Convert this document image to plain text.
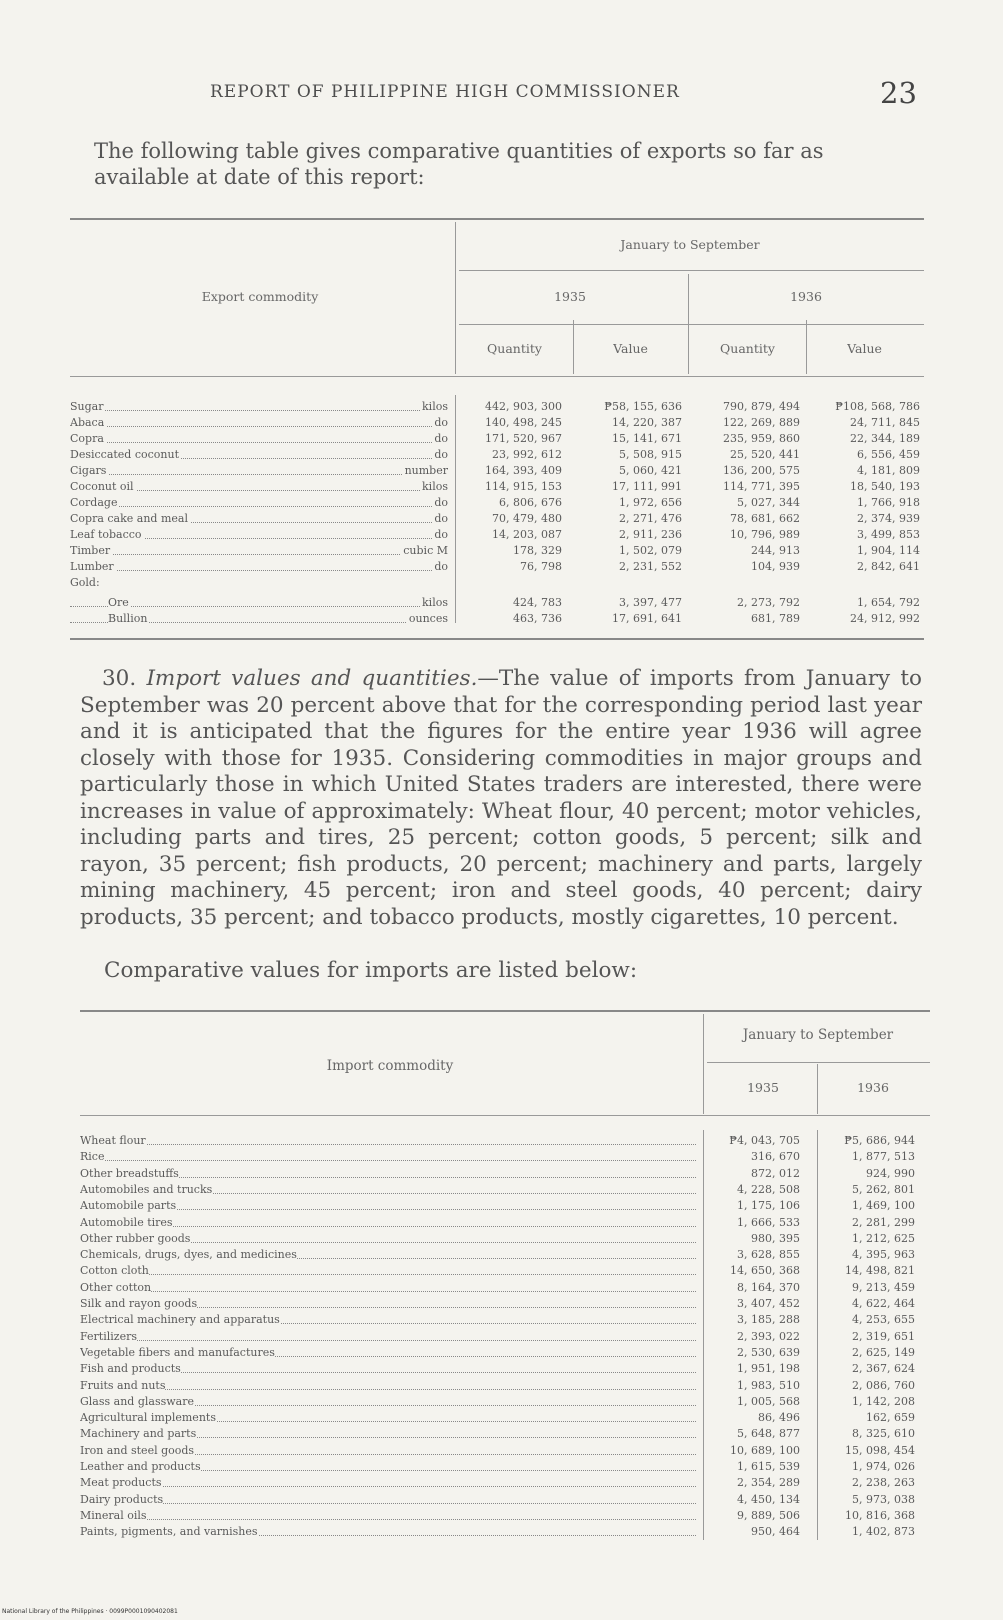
REPORT OF PHILIPPINE HIGH COMMISSIONER	23
The following table gives comparative quantities of exports so far as available at date of this report:
Export commodity
January to September
1935	1936
Quantity	Value	Quantity	Value
Sugar	kilos	442, 903, 300	₱58, 155, 636	790, 879, 494	₱108, 568, 786
Abaca	do	140, 498, 245	14, 220, 387	122, 269, 889	24, 711, 845
Copra	do	171, 520, 967	15, 141, 671	235, 959, 860	22, 344, 189
Desiccated coconut	do	23, 992, 612	5, 508, 915	25, 520, 441	6, 556, 459
Cigars	number	164, 393, 409	5, 060, 421	136, 200, 575	4, 181, 809
Coconut oil	kilos	114, 915, 153	17, 111, 991	114, 771, 395	18, 540, 193
Cordage	do	6, 806, 676	1, 972, 656	5, 027, 344	1, 766, 918
Copra cake and meal	do	70, 479, 480	2, 271, 476	78, 681, 662	2, 374, 939
Leaf tobacco	do	14, 203, 087	2, 911, 236	10, 796, 989	3, 499, 853
Timber	cubic M	178, 329	1, 502, 079	244, 913	1, 904, 114
Lumber	do	76, 798	2, 231, 552	104, 939	2, 842, 641
Gold:
Ore	kilos	424, 783	3, 397, 477	2, 273, 792	1, 654, 792
Bullion	ounces	463, 736	17, 691, 641	681, 789	24, 912, 992
30. Import values and quantities.—The value of imports from January to September was 20 percent above that for the corresponding period last year and it is anticipated that the figures for the entire year 1936 will agree closely with those for 1935. Considering commodities in major groups and particularly those in which United States traders are interested, there were increases in value of approximately: Wheat flour, 40 percent; motor vehicles, including parts and tires, 25 percent; cotton goods, 5 percent; silk and rayon, 35 percent; fish products, 20 percent; machinery and parts, largely mining machinery, 45 percent; iron and steel goods, 40 percent; dairy products, 35 percent; and tobacco products, mostly cigarettes, 10 percent.
Comparative values for imports are listed below:
Import commodity
January to September
1935	1936
Wheat flour	₱4, 043, 705	₱5, 686, 944
Rice	316, 670	1, 877, 513
Other breadstuffs	872, 012	924, 990
Automobiles and trucks	4, 228, 508	5, 262, 801
Automobile parts	1, 175, 106	1, 469, 100
Automobile tires	1, 666, 533	2, 281, 299
Other rubber goods	980, 395	1, 212, 625
Chemicals, drugs, dyes, and medicines	3, 628, 855	4, 395, 963
Cotton cloth	14, 650, 368	14, 498, 821
Other cotton	8, 164, 370	9, 213, 459
Silk and rayon goods	3, 407, 452	4, 622, 464
Electrical machinery and apparatus	3, 185, 288	4, 253, 655
Fertilizers	2, 393, 022	2, 319, 651
Vegetable fibers and manufactures	2, 530, 639	2, 625, 149
Fish and products	1, 951, 198	2, 367, 624
Fruits and nuts	1, 983, 510	2, 086, 760
Glass and glassware	1, 005, 568	1, 142, 208
Agricultural implements	86, 496	162, 659
Machinery and parts	5, 648, 877	8, 325, 610
Iron and steel goods	10, 689, 100	15, 098, 454
Leather and products	1, 615, 539	1, 974, 026
Meat products	2, 354, 289	2, 238, 263
Dairy products	4, 450, 134	5, 973, 038
Mineral oils	9, 889, 506	10, 816, 368
Paints, pigments, and varnishes	950, 464	1, 402, 873
National Library of the Philippines · 0099P0001090402081
